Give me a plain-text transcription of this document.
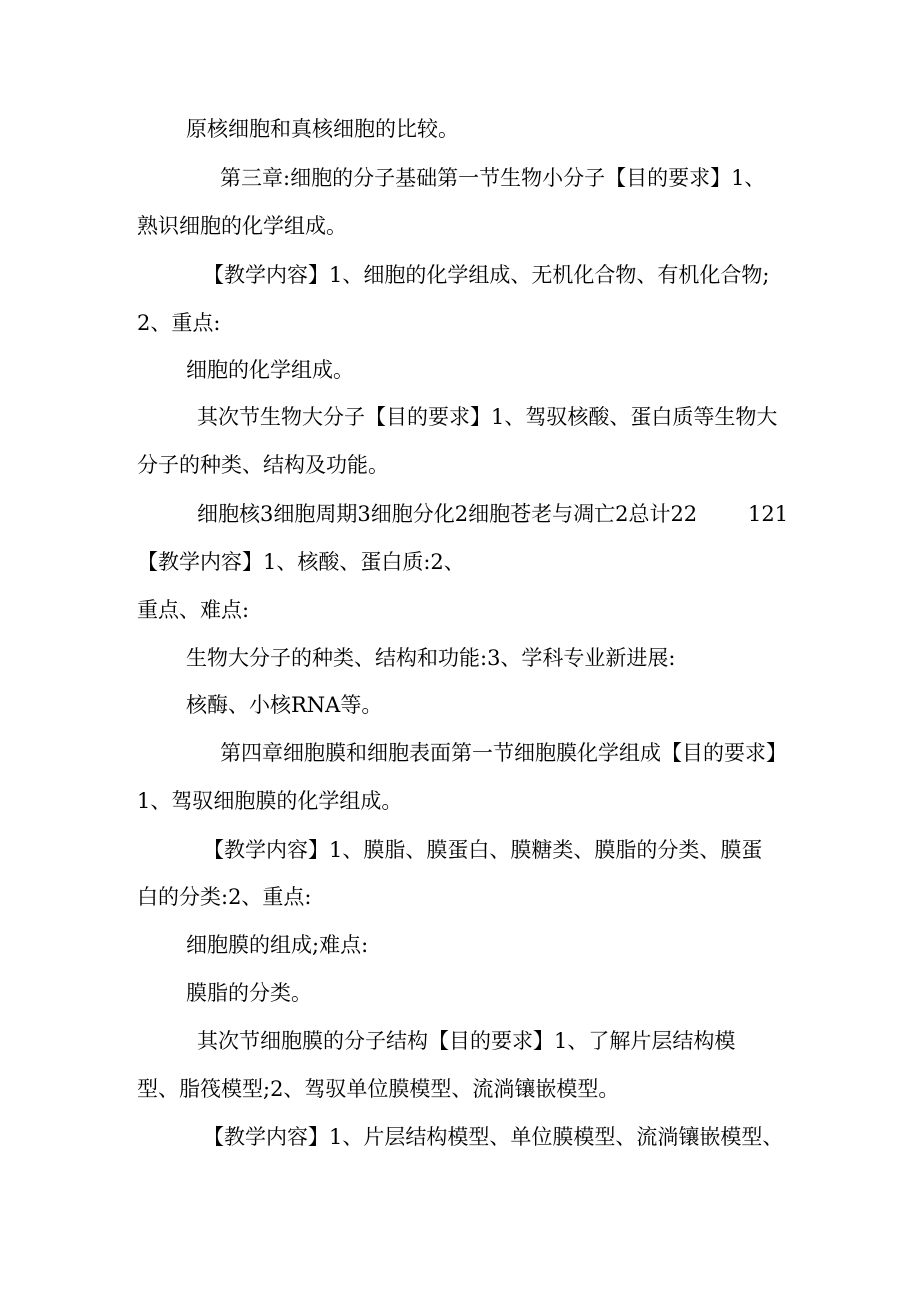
原核细胞和真核细胞的比较。
第三章:细胞的分子基础第一节生物小分子【目的要求】1、
熟识细胞的化学组成。
【教学内容】1、细胞的化学组成、无机化合物、有机化合物;
2、重点:
细胞的化学组成。
其次节生物大分子【目的要求】1、驾驭核酸、蛋白质等生物大
分子的种类、结构及功能。
细胞核3细胞周期3细胞分化2细胞苍老与凋亡2总计22 121
【教学内容】1、核酸、蛋白质:2、
重点、难点:
生物大分子的种类、结构和功能:3、学科专业新进展:
核酶、小核RNA等。
第四章细胞膜和细胞表面第一节细胞膜化学组成【目的要求】
1、驾驭细胞膜的化学组成。
【教学内容】1、膜脂、膜蛋白、膜糖类、膜脂的分类、膜蛋
白的分类:2、重点:
细胞膜的组成;难点:
膜脂的分类。
其次节细胞膜的分子结构【目的要求】1、了解片层结构模
型、脂筏模型;2、驾驭单位膜模型、流淌镶嵌模型。
【教学内容】1、片层结构模型、单位膜模型、流淌镶嵌模型、
